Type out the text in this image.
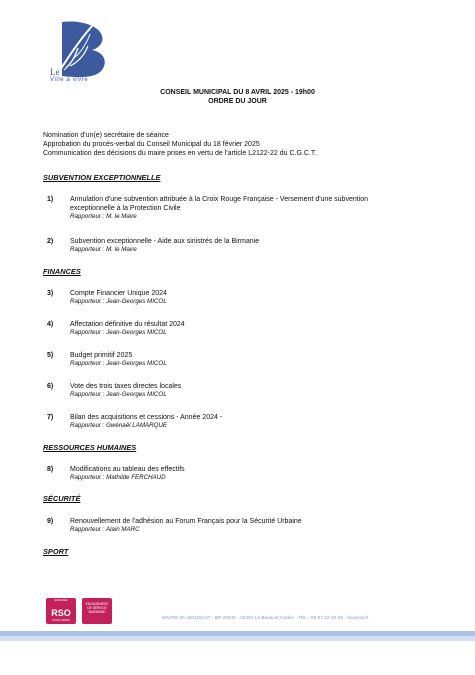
Le Bouscat
Ville à vivre
CONSEIL MUNICIPAL DU 8 AVRIL 2025 - 19h00
ORDRE DU JOUR
Nomination d'un(e) secrétaire de séance
Approbation du procès-verbal du Conseil Municipal du 18 février 2025
Communication des décisions du maire prises en vertu de l'article L2122-22 du C.G.C.T.
SUBVENTION EXCEPTIONNELLE
1) Annulation d'une subvention attribuée à la Croix Rouge Française - Versement d'une subvention
exceptionnelle à la Protection Civile
Rapporteur : M. le Maire
2) Subvention exceptionnelle - Aide aux sinistrés de la Birmanie
Rapporteur : M. le Maire
FINANCES
3) Compte Financier Unique 2024
Rapporteur : Jean-Georges MICOL
4) Affectation définitive du résultat 2024
Rapporteur : Jean-Georges MICOL
5) Budget primitif 2025
Rapporteur : Jean-Georges MICOL
6) Vote des trois taxes directes locales
Rapporteur : Jean-Georges MICOL
7) Bilan des acquisitions et cessions - Année 2024 -
Rapporteur : Gwénaël LAMARQUE
RESSOURCES HUMAINES
8) Modifications au tableau des effectifs
Rapporteur : Mathilde FERCHAUD
SÉCURITÉ
9) Renouvellement de l'adhésion au Forum Français pour la Sécurité Urbaine
Rapporteur : Alain MARC
SPORT
ENGAGÉ
RSO
AFAQ 26000
ENGAGEMENT
DE SERVICE
MARIANNE
MAIRIE DU BOUSCAT - BP 20045 - 33491 Le Bouscat Cedex - TÉL : 05 57 22 26 66 - bouscat.fr
